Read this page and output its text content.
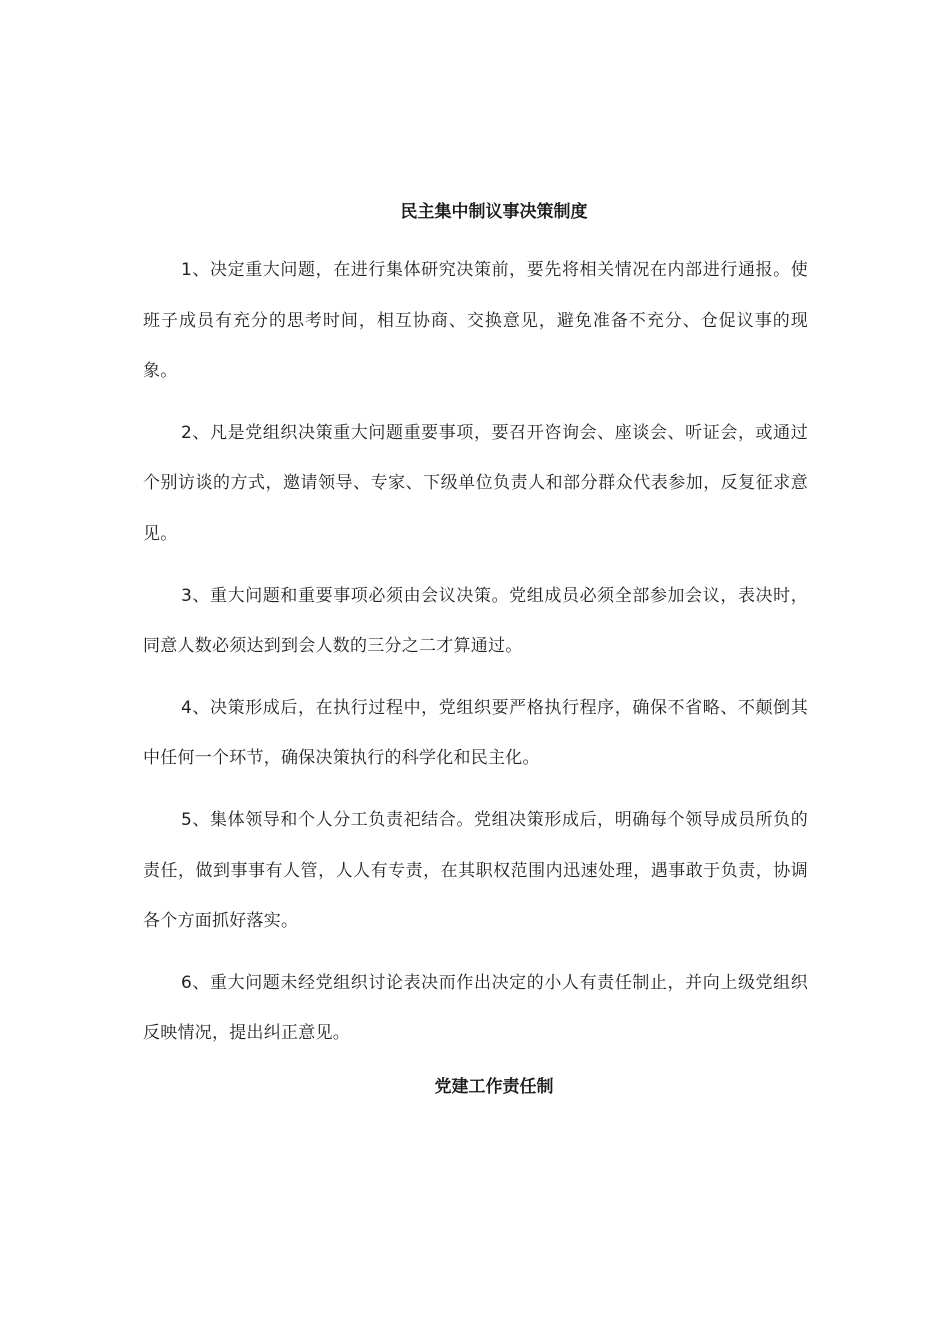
民主集中制议事决策制度

1、决定重大问题，在进行集体研究决策前，要先将相关情况在内部进行通报。使班子成员有充分的思考时间，相互协商、交换意见，避免准备不充分、仓促议事的现象。

2、凡是党组织决策重大问题重要事项，要召开咨询会、座谈会、听证会，或通过个别访谈的方式，邀请领导、专家、下级单位负责人和部分群众代表参加，反复征求意见。

3、重大问题和重要事项必须由会议决策。党组成员必须全部参加会议，表决时，同意人数必须达到到会人数的三分之二才算通过。

4、决策形成后，在执行过程中，党组织要严格执行程序，确保不省略、不颠倒其中任何一个环节，确保决策执行的科学化和民主化。

5、集体领导和个人分工负责祀结合。党组决策形成后，明确每个领导成员所负的责任，做到事事有人管，人人有专责，在其职权范围内迅速处理，遇事敢于负责，协调各个方面抓好落实。

6、重大问题未经党组织讨论表决而作出决定的小人有责任制止，并向上级党组织反映情况，提出纠正意见。

党建工作责任制
